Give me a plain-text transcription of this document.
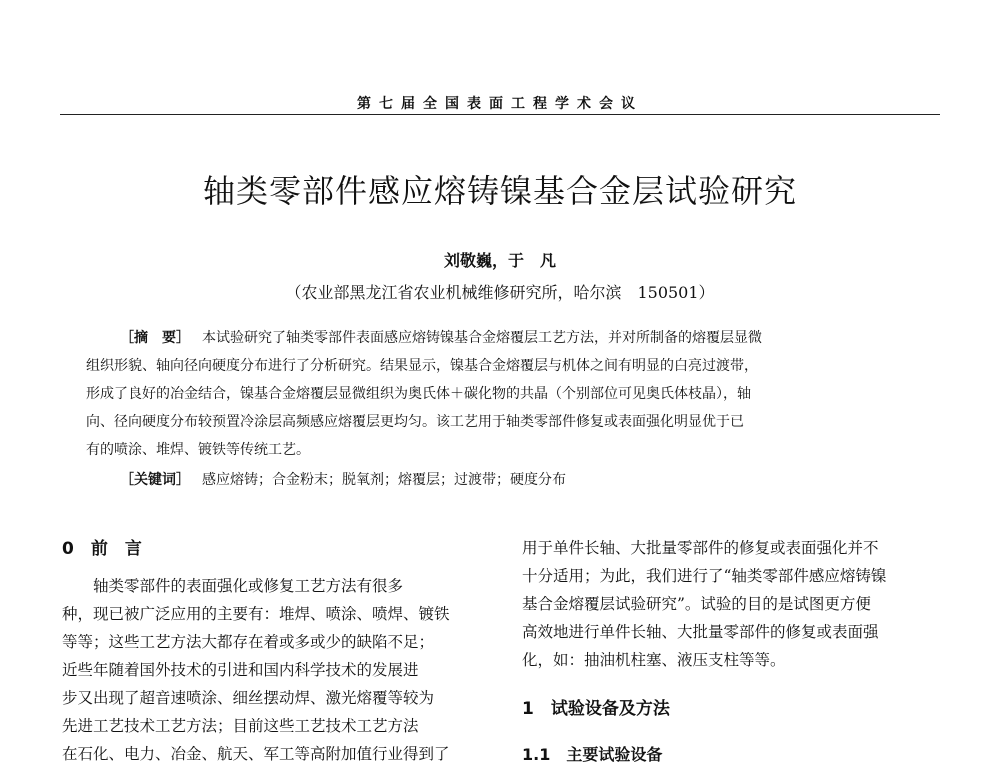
第七届全国表面工程学术会议
轴类零部件感应熔铸镍基合金层试验研究
刘敬巍，于　凡
（农业部黑龙江省农业机械维修研究所，哈尔滨　150501）
［摘　要］ 本试验研究了轴类零部件表面感应熔铸镍基合金熔覆层工艺方法，并对所制备的熔覆层显微
组织形貌、轴向径向硬度分布进行了分析研究。结果显示，镍基合金熔覆层与机体之间有明显的白亮过渡带，
形成了良好的冶金结合，镍基合金熔覆层显微组织为奥氏体＋碳化物的共晶（个别部位可见奥氏体枝晶），轴
向、径向硬度分布较预置冷涂层高频感应熔覆层更均匀。该工艺用于轴类零部件修复或表面强化明显优于已
有的喷涂、堆焊、镀铁等传统工艺。
［关键词］ 感应熔铸；合金粉末；脱氧剂；熔覆层；过渡带；硬度分布
0　前　言
轴类零部件的表面强化或修复工艺方法有很多
种，现已被广泛应用的主要有：堆焊、喷涂、喷焊、镀铁
等等；这些工艺方法大都存在着或多或少的缺陷不足；
近些年随着国外技术的引进和国内科学技术的发展进
步又出现了超音速喷涂、细丝摆动焊、激光熔覆等较为
先进工艺技术工艺方法；目前这些工艺技术工艺方法
在石化、电力、冶金、航天、军工等高附加值行业得到了
用于单件长轴、大批量零部件的修复或表面强化并不
十分适用；为此，我们进行了“轴类零部件感应熔铸镍
基合金熔覆层试验研究”。试验的目的是试图更方便
高效地进行单件长轴、大批量零部件的修复或表面强
化，如：抽油机柱塞、液压支柱等等。
1　试验设备及方法
1.1　主要试验设备
